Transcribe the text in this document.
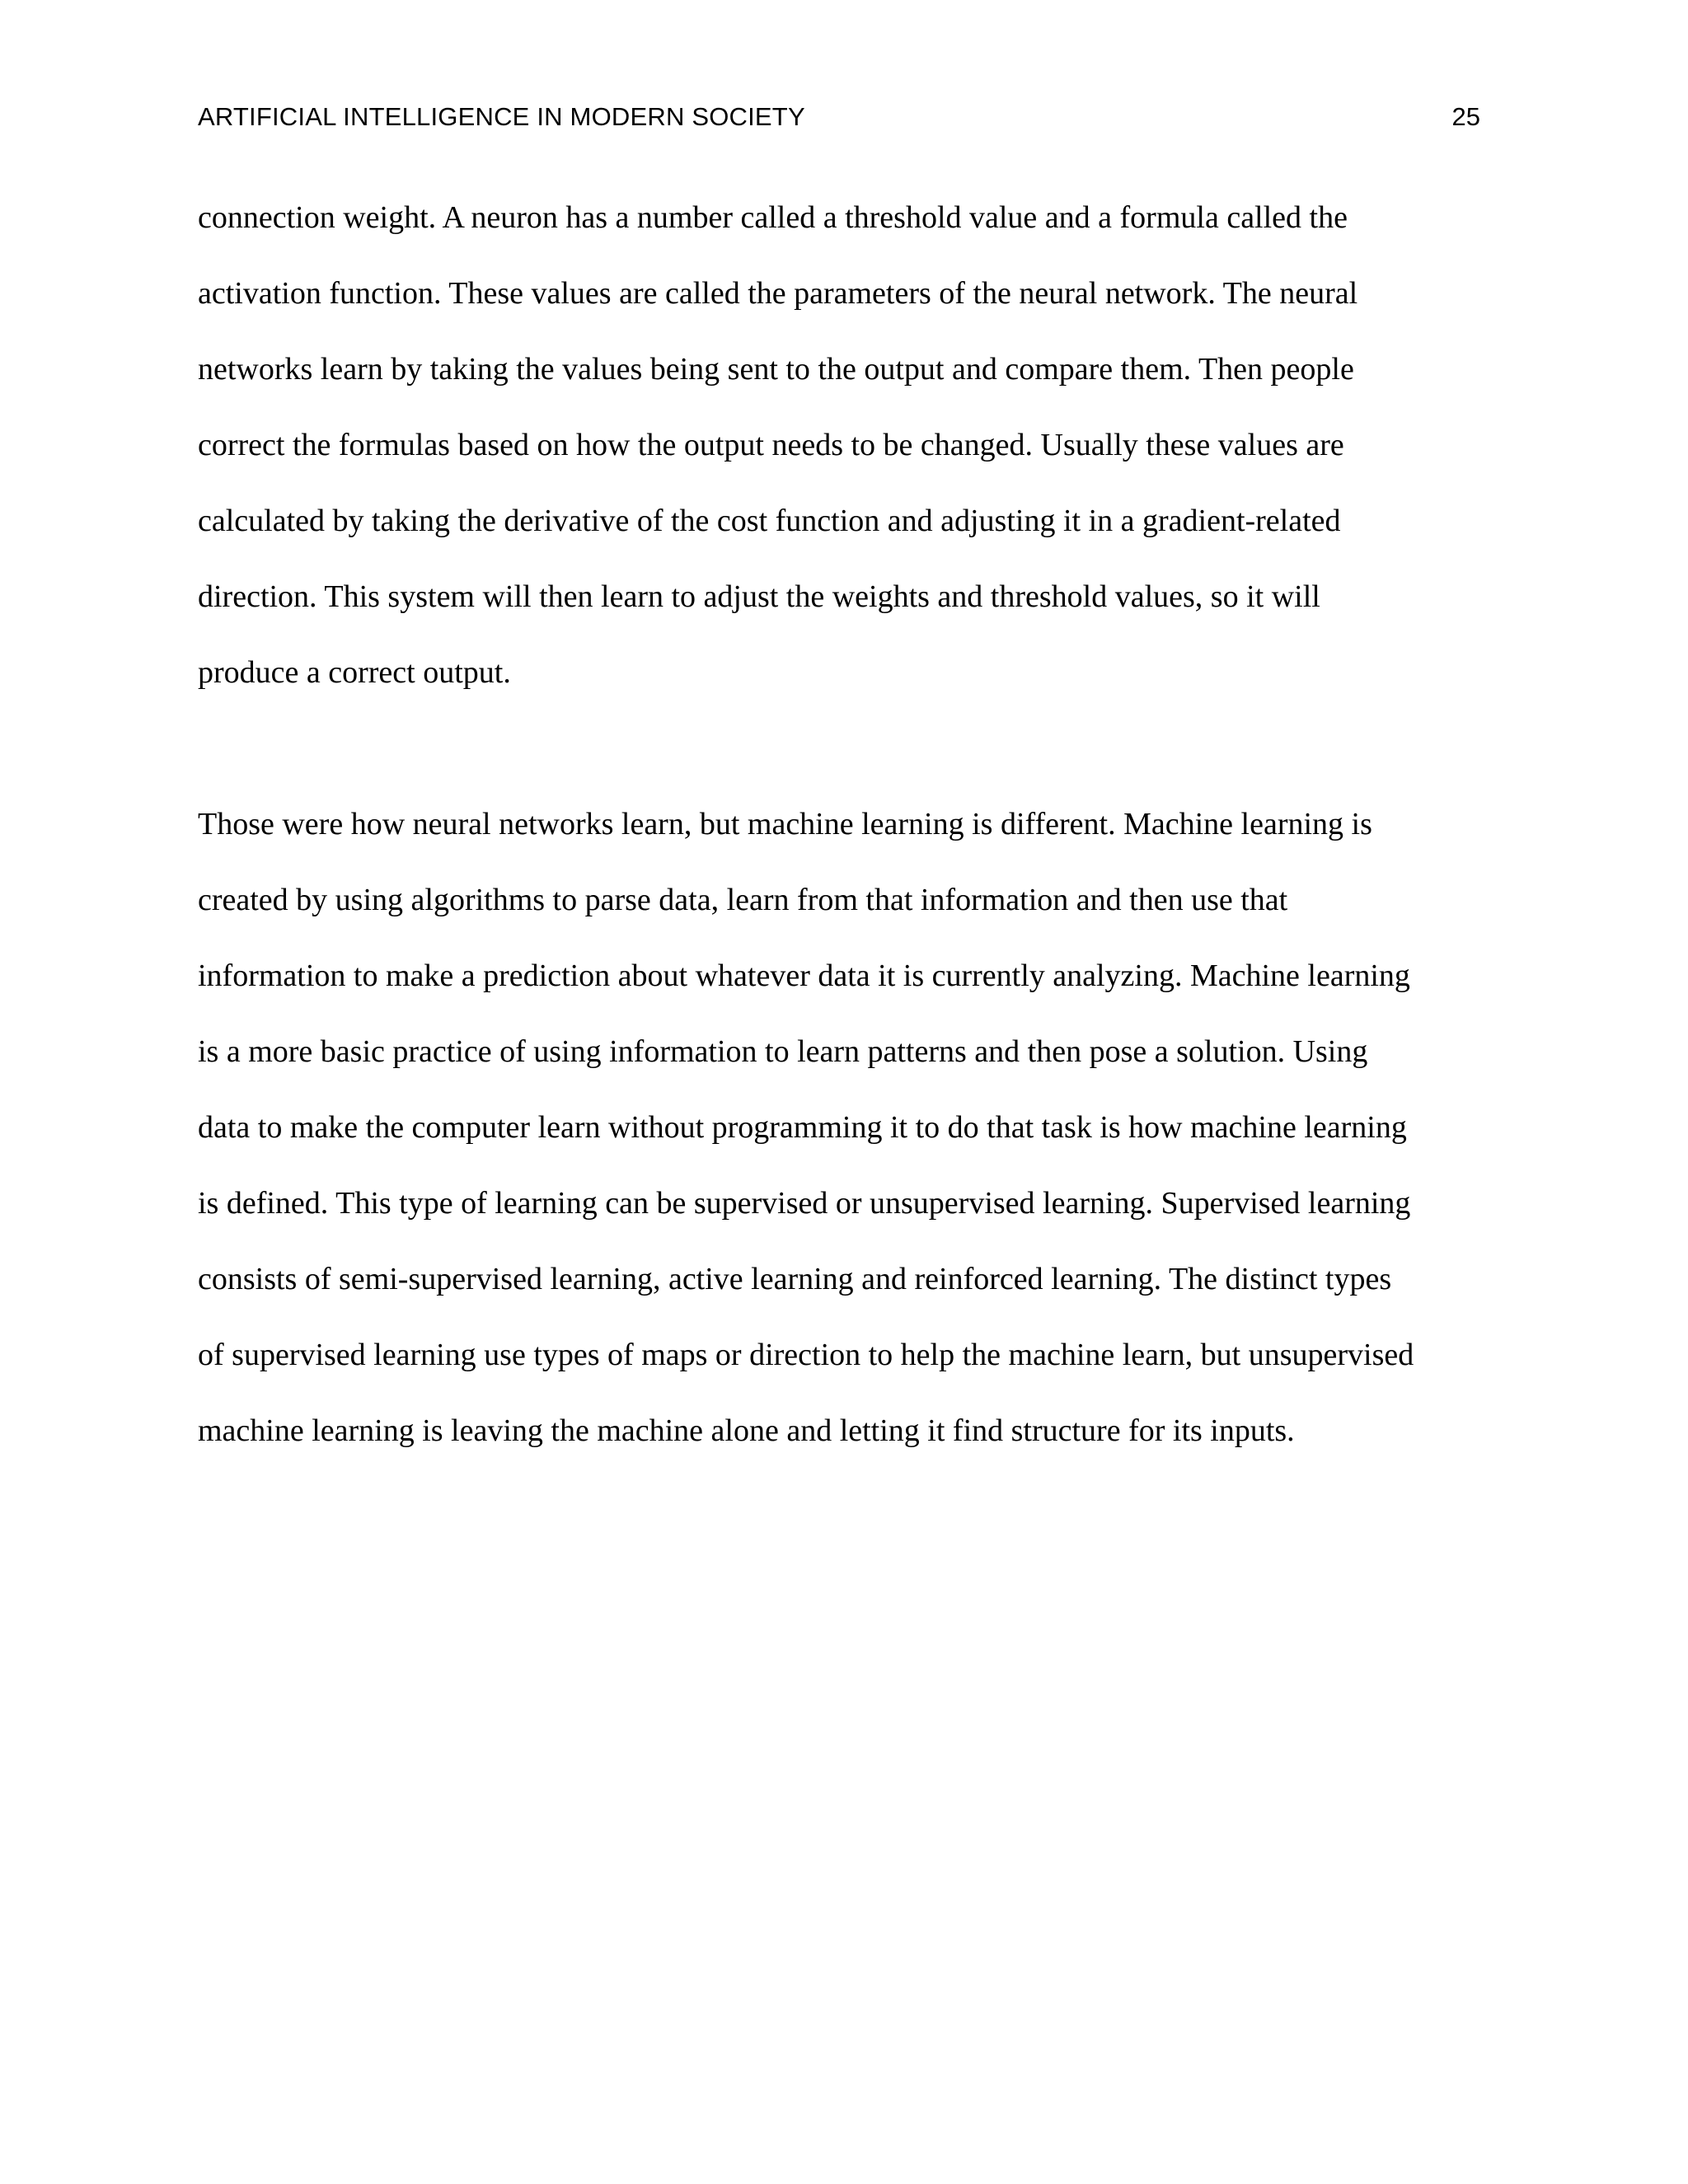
ARTIFICIAL INTELLIGENCE IN MODERN SOCIETY	25
connection weight. A neuron has a number called a threshold value and a formula called the
activation function. These values are called the parameters of the neural network. The neural
networks learn by taking the values being sent to the output and compare them. Then people
correct the formulas based on how the output needs to be changed. Usually these values are
calculated by taking the derivative of the cost function and adjusting it in a gradient-related
direction. This system will then learn to adjust the weights and threshold values, so it will
produce a correct output.
Those were how neural networks learn, but machine learning is different. Machine learning is
created by using algorithms to parse data, learn from that information and then use that
information to make a prediction about whatever data it is currently analyzing. Machine learning
is a more basic practice of using information to learn patterns and then pose a solution. Using
data to make the computer learn without programming it to do that task is how machine learning
is defined. This type of learning can be supervised or unsupervised learning. Supervised learning
consists of semi-supervised learning, active learning and reinforced learning. The distinct types
of supervised learning use types of maps or direction to help the machine learn, but unsupervised
machine learning is leaving the machine alone and letting it find structure for its inputs.
